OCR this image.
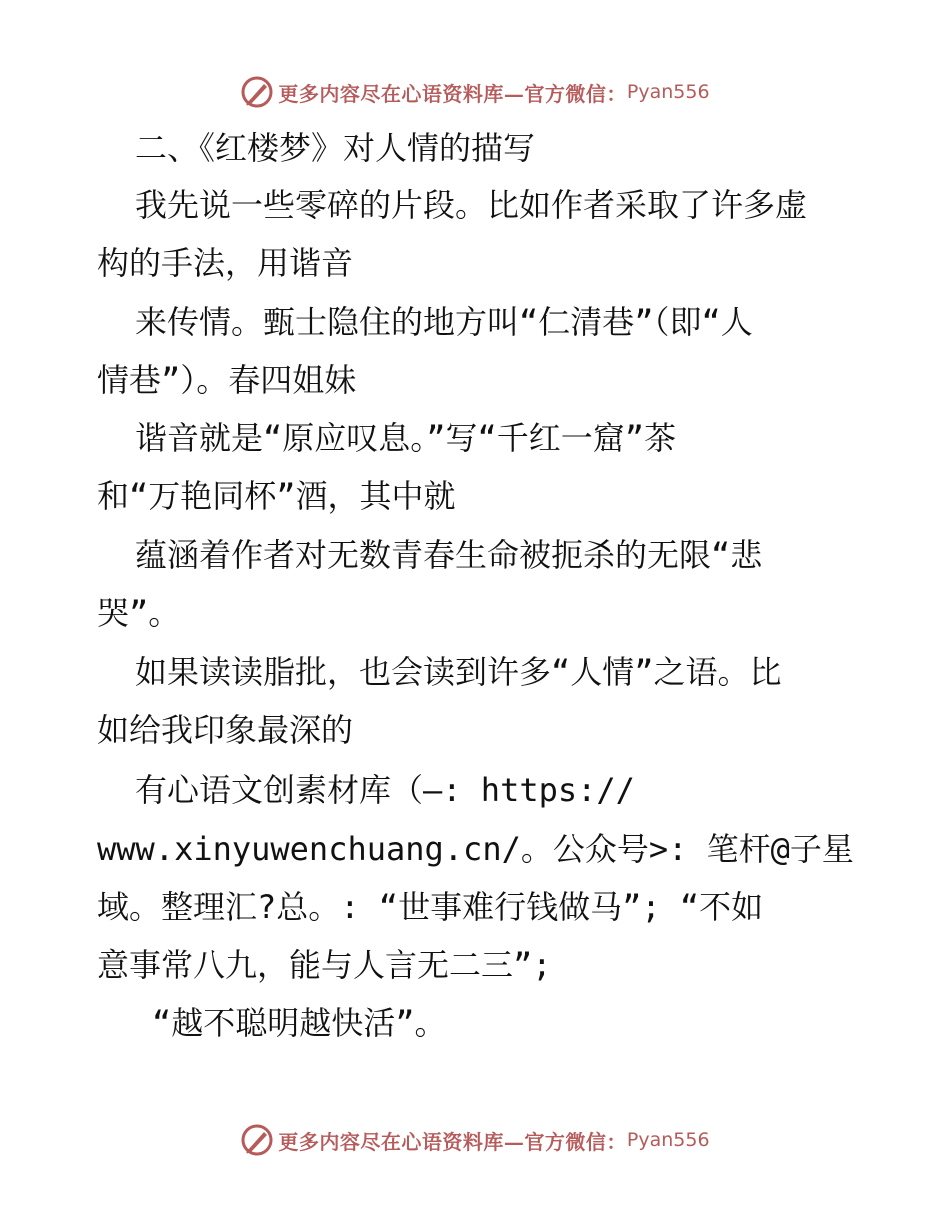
更多内容尽在心语资料库—官方微信： Pyan556

二、《红楼梦》对人情的描写

我先说一些零碎的片段。比如作者采取了许多虚

构的手法，用谐音

来传情。甄士隐住的地方叫“仁清巷”（即“人

情巷”）。春四姐妹

谐音就是“原应叹息。”写“千红一窟”茶

和“万艳同杯”酒，其中就

蕴涵着作者对无数青春生命被扼杀的无限“悲

哭”。

如果读读脂批，也会读到许多“人情”之语。比

如给我印象最深的

有心语文创素材库（—: https://

www.xinyuwenchuang.cn/。公众号>: 笔杆@子星

域。整理汇?总。: “世事难行钱做马”; “不如

意事常八九，能与人言无二三”;

“越不聪明越快活”。

更多内容尽在心语资料库—官方微信： Pyan556
